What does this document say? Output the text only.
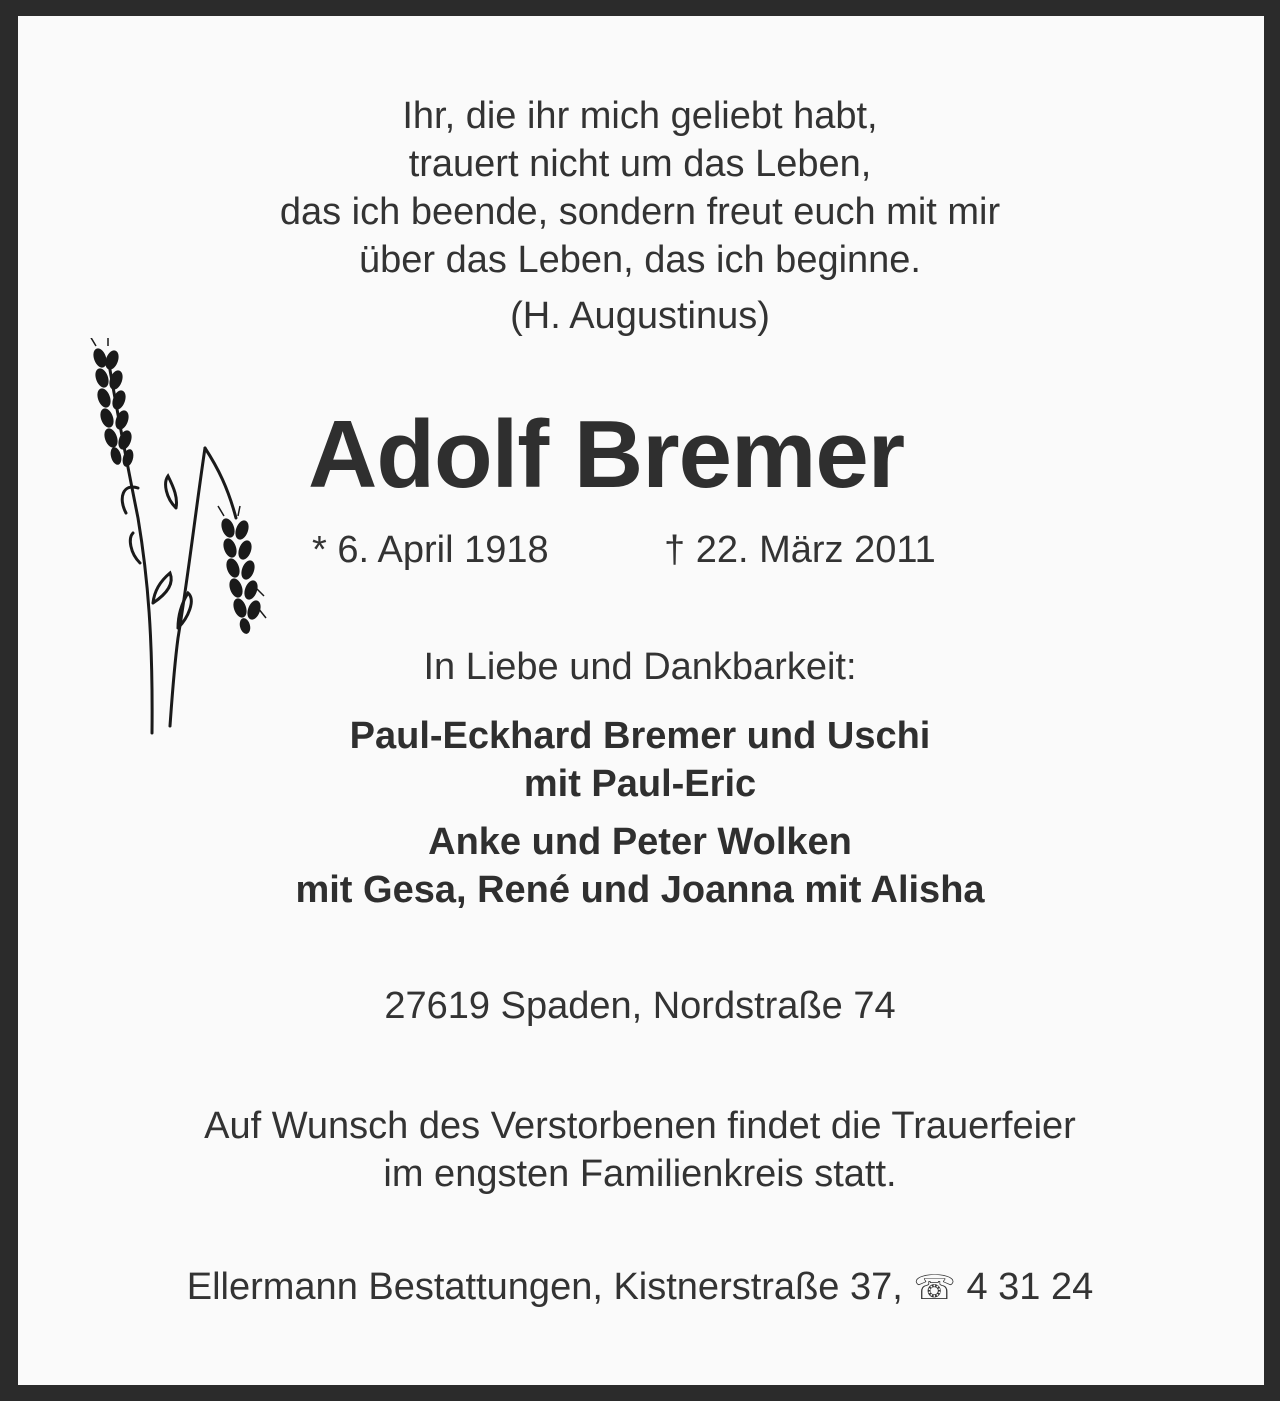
Ihr, die ihr mich geliebt habt,
trauert nicht um das Leben,
das ich beende, sondern freut euch mit mir
über das Leben, das ich beginne.
(H. Augustinus)
Adolf Bremer
* 6. April 1918	† 22. März 2011
In Liebe und Dankbarkeit:
Paul-Eckhard Bremer und Uschi
mit Paul-Eric
Anke und Peter Wolken
mit Gesa, René und Joanna mit Alisha
27619 Spaden, Nordstraße 74
Auf Wunsch des Verstorbenen findet die Trauerfeier
im engsten Familienkreis statt.
Ellermann Bestattungen, Kistnerstraße 37, ☏ 4 31 24
